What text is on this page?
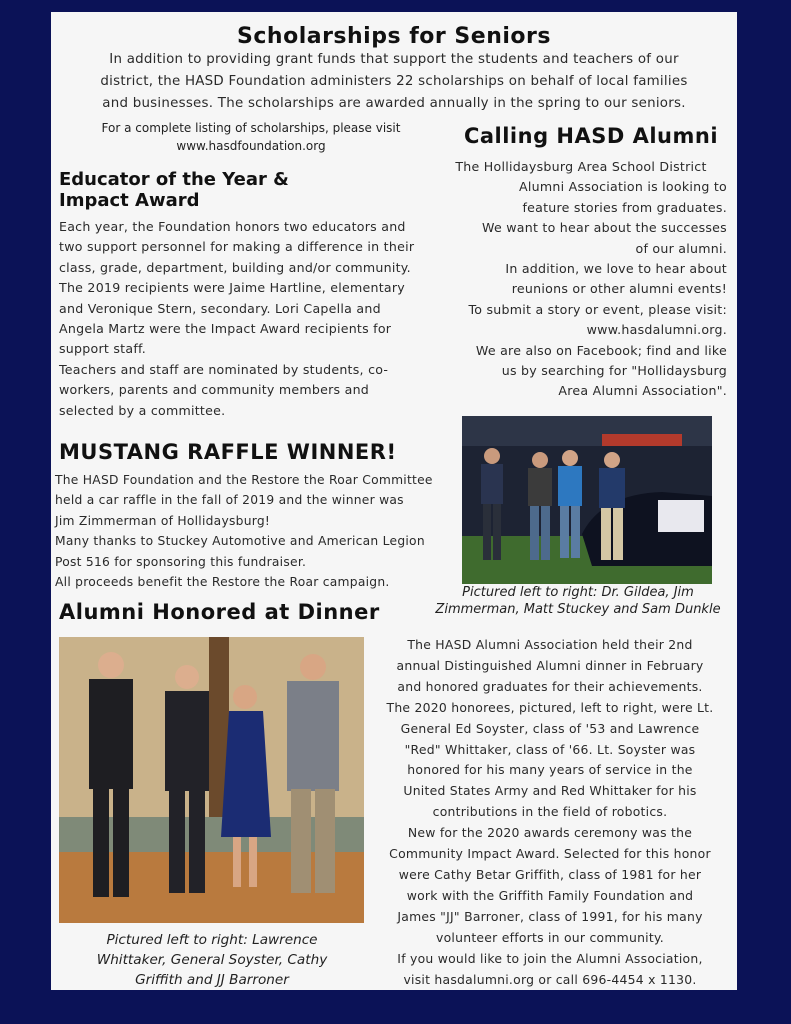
Scholarships for Seniors
In addition to providing grant funds that support the students and teachers of our
district, the HASD Foundation administers 22 scholarships on behalf of local families
and businesses. The scholarships are awarded annually in the spring to our seniors.
For a complete listing of scholarships, please visit
www.hasdfoundation.org
Educator of the Year &
Impact Award
Each year, the Foundation honors two educators and
two support personnel for making a difference in their
class, grade, department, building and/or community.
The 2019 recipients were Jaime Hartline, elementary
and Veronique Stern, secondary. Lori Capella and
Angela Martz were the Impact Award recipients for
support staff.
Teachers and staff are nominated by students, co-
workers, parents and community members and
selected by a committee.
Calling HASD Alumni
The Hollidaysburg Area School District
Alumni Association is looking to
feature stories from graduates.
We want to hear about the successes
of our alumni.
In addition, we love to hear about
reunions or other alumni events!
To submit a story or event, please visit:
www.hasdalumni.org.
We are also on Facebook; find and like
us by searching for "Hollidaysburg
Area Alumni Association".
Pictured left to right: Dr. Gildea, Jim
Zimmerman, Matt Stuckey and Sam Dunkle
MUSTANG RAFFLE WINNER!
The HASD Foundation and the Restore the Roar Committee
held a car raffle in the fall of 2019 and the winner was
Jim Zimmerman of Hollidaysburg!
Many thanks to Stuckey Automotive and American Legion
Post 516 for sponsoring this fundraiser.
All proceeds benefit the Restore the Roar campaign.
Alumni Honored at Dinner
Pictured left to right: Lawrence
Whittaker, General Soyster, Cathy
Griffith and JJ Barroner
The HASD Alumni Association held their 2nd
annual Distinguished Alumni dinner in February
and honored graduates for their achievements.
The 2020 honorees, pictured, left to right, were Lt.
General Ed Soyster, class of '53 and Lawrence
"Red" Whittaker, class of '66. Lt. Soyster was
honored for his many years of service in the
United States Army and Red Whittaker for his
contributions in the field of robotics.
New for the 2020 awards ceremony was the
Community Impact Award. Selected for this honor
were Cathy Betar Griffith, class of 1981 for her
work with the Griffith Family Foundation and
James "JJ" Barroner, class of 1991, for his many
volunteer efforts in our community.
If you would like to join the Alumni Association,
visit hasdalumni.org or call 696-4454 x 1130.
